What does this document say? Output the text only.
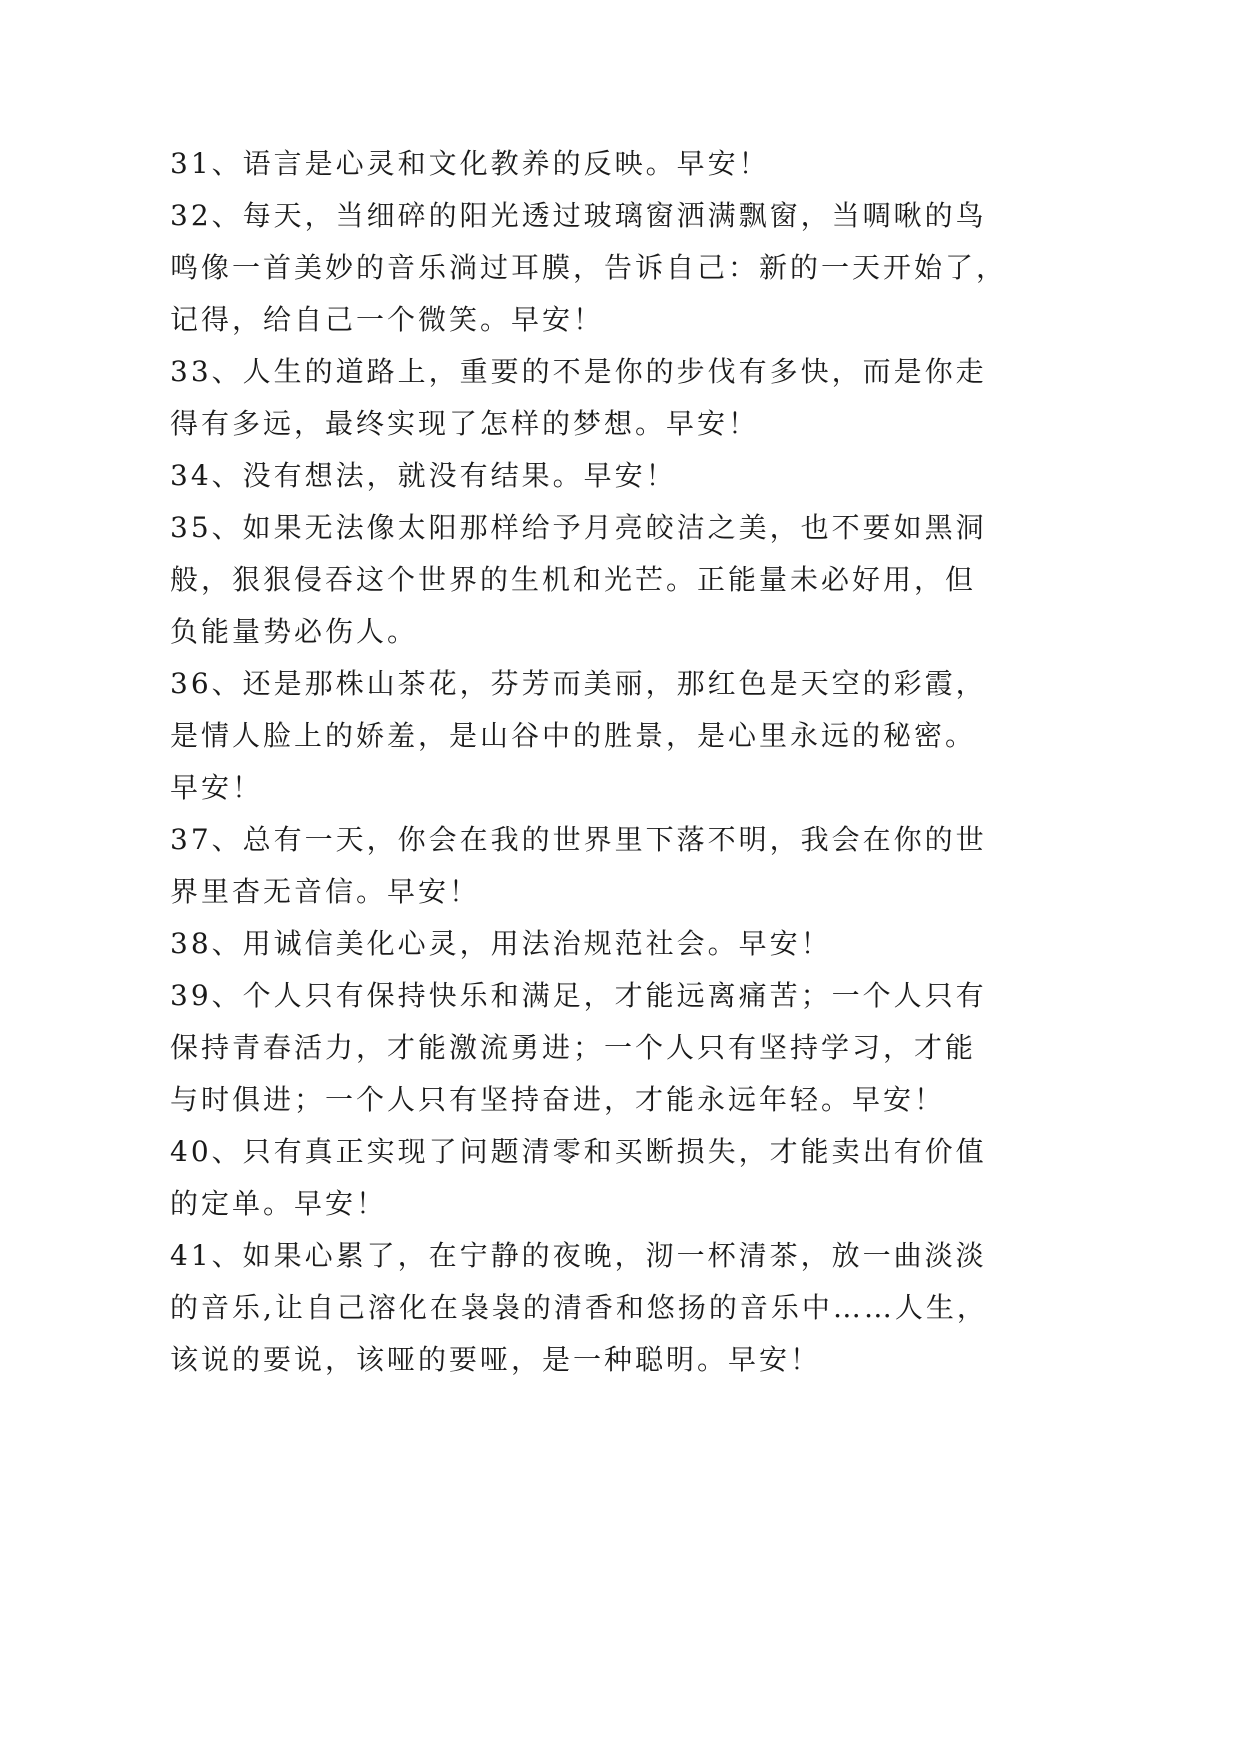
31、语言是心灵和文化教养的反映。早安！
32、每天，当细碎的阳光透过玻璃窗洒满飘窗，当啁啾的鸟
鸣像一首美妙的音乐淌过耳膜，告诉自己：新的一天开始了，
记得，给自己一个微笑。早安！
33、人生的道路上，重要的不是你的步伐有多快，而是你走
得有多远，最终实现了怎样的梦想。早安！
34、没有想法，就没有结果。早安！
35、如果无法像太阳那样给予月亮皎洁之美，也不要如黑洞
般，狠狠侵吞这个世界的生机和光芒。正能量未必好用，但
负能量势必伤人。
36、还是那株山茶花，芬芳而美丽，那红色是天空的彩霞，
是情人脸上的娇羞，是山谷中的胜景，是心里永远的秘密。
早安！
37、总有一天，你会在我的世界里下落不明，我会在你的世
界里杳无音信。早安！
38、用诚信美化心灵，用法治规范社会。早安！
39、个人只有保持快乐和满足，才能远离痛苦；一个人只有
保持青春活力，才能激流勇进；一个人只有坚持学习，才能
与时俱进；一个人只有坚持奋进，才能永远年轻。早安！
40、只有真正实现了问题清零和买断损失，才能卖出有价值
的定单。早安！
41、如果心累了，在宁静的夜晚，沏一杯清茶，放一曲淡淡
的音乐,让自己溶化在袅袅的清香和悠扬的音乐中……人生，
该说的要说，该哑的要哑，是一种聪明。早安！
